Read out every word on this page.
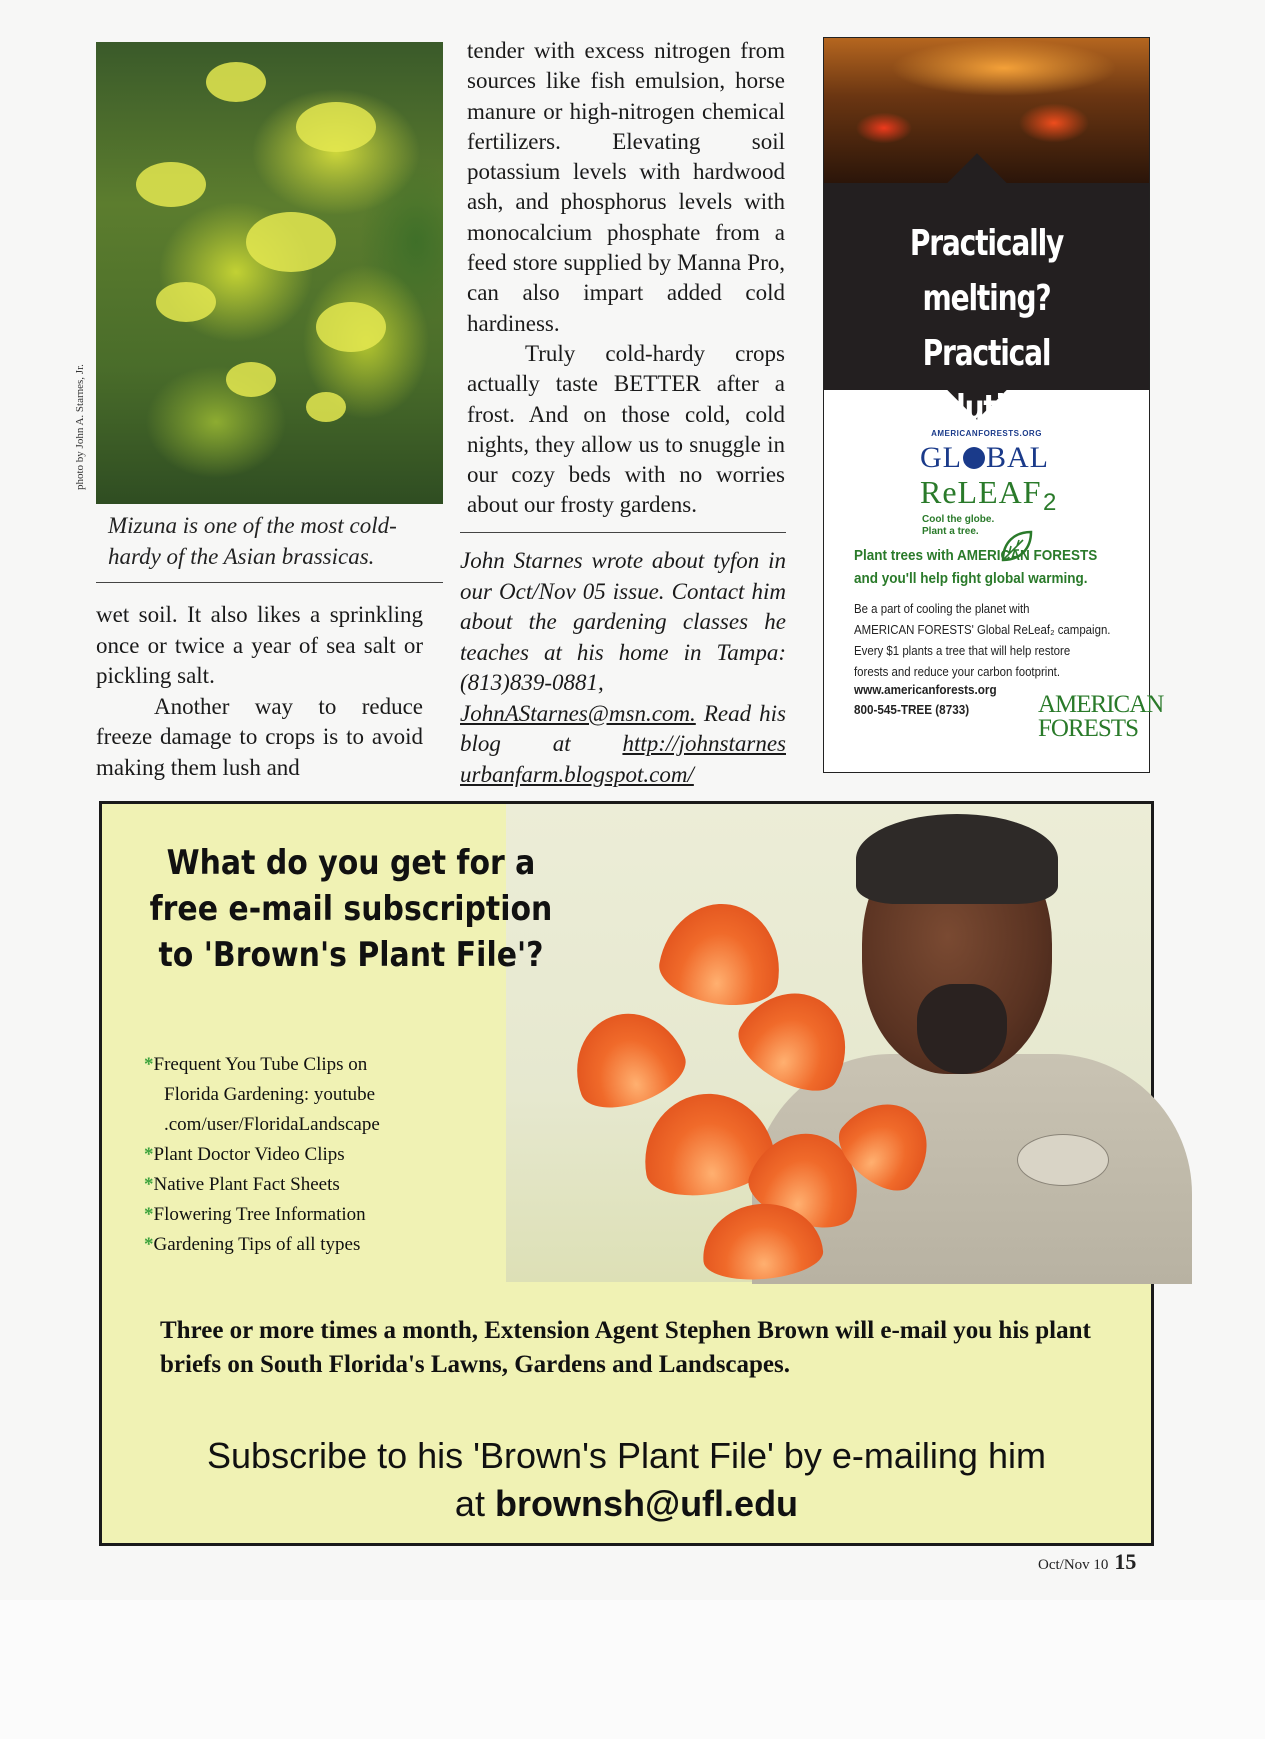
photo by John A. Starnes, Jr.
Mizuna is one of the most cold-hardy of the Asian brassicas.

wet soil. It also likes a sprinkling once or twice a year of sea salt or pickling salt.

Another way to reduce freeze damage to crops is to avoid making them lush and

tender with excess nitrogen from sources like fish emulsion, horse manure or high-nitrogen chemical fertilizers. Elevating soil potassium levels with hardwood ash, and phosphorus levels with monocalcium phosphate from a feed store supplied by Manna Pro, can also impart added cold hardiness.

Truly cold-hardy crops actually taste BETTER after a frost. And on those cold, cold nights, they allow us to snuggle in our cozy beds with no worries about our frosty gardens.

John Starnes wrote about tyfon in our Oct/Nov 05 issue. Contact him about the gardening classes he teaches at his home in Tampa: (813)839-0881, JohnAStarnes@msn.com. Read his blog at http://johnstarnes urbanfarm.blogspot.com/
Practically melting?
Practical solution.
AMERICANFORESTS.ORG
GL BAL
ReLEAF 2
Cool the globe.
Plant a tree.
Plant trees with AMERICAN FORESTS
and you'll help fight global warming.
Be a part of cooling the planet with
AMERICAN FORESTS' Global ReLeaf₂ campaign.
Every $1 plants a tree that will help restore
forests and reduce your carbon footprint.
www.americanforests.org
800-545-TREE (8733)	AMERICAN
FORESTS
What do you get for a free e-mail subscription to 'Brown's Plant File'?
*Frequent You Tube Clips on
Florida Gardening: youtube
.com/user/FloridaLandscape
*Plant Doctor Video Clips
*Native Plant Fact Sheets
*Flowering Tree Information
*Gardening Tips of all types
Three or more times a month, Extension Agent Stephen Brown will e-mail you his plant briefs on South Florida's Lawns, Gardens and Landscapes.
Subscribe to his 'Brown's Plant File' by e-mailing him
at brownsh@ufl.edu
Oct/Nov 10 15
